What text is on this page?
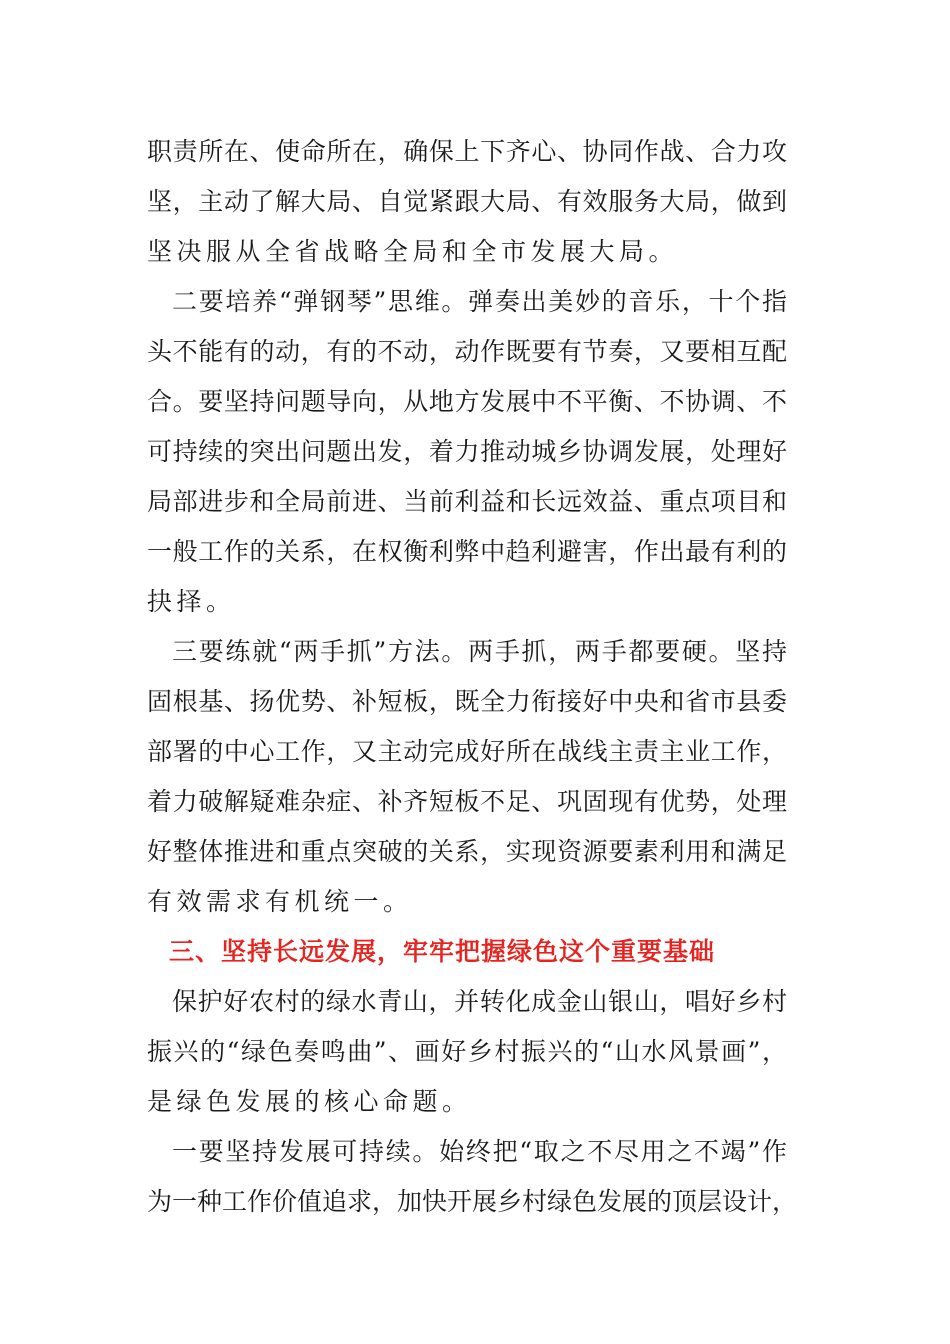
职责所在、使命所在，确保上下齐心、协同作战、合力攻
坚，主动了解大局、自觉紧跟大局、有效服务大局，做到
坚决服从全省战略全局和全市发展大局。
二要培养“弹钢琴”思维。弹奏出美妙的音乐，十个指
头不能有的动，有的不动，动作既要有节奏，又要相互配
合。要坚持问题导向，从地方发展中不平衡、不协调、不
可持续的突出问题出发，着力推动城乡协调发展，处理好
局部进步和全局前进、当前利益和长远效益、重点项目和
一般工作的关系，在权衡利弊中趋利避害，作出最有利的
抉择。
三要练就“两手抓”方法。两手抓，两手都要硬。坚持
固根基、扬优势、补短板，既全力衔接好中央和省市县委
部署的中心工作，又主动完成好所在战线主责主业工作，
着力破解疑难杂症、补齐短板不足、巩固现有优势，处理
好整体推进和重点突破的关系，实现资源要素利用和满足
有效需求有机统一。
三、坚持长远发展，牢牢把握绿色这个重要基础
保护好农村的绿水青山，并转化成金山银山，唱好乡村
振兴的“绿色奏鸣曲”、画好乡村振兴的“山水风景画”，
是绿色发展的核心命题。
一要坚持发展可持续。始终把“取之不尽用之不竭”作
为一种工作价值追求，加快开展乡村绿色发展的顶层设计，
